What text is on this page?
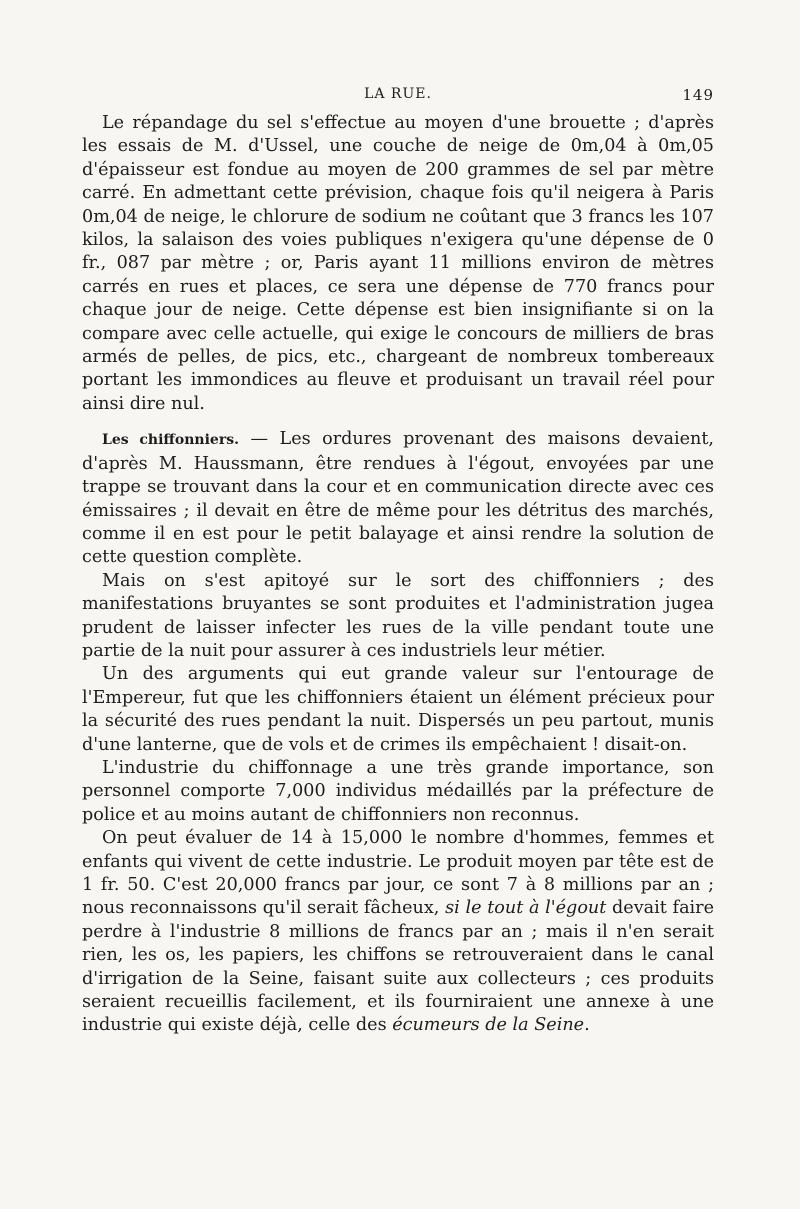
LA RUE.	149

Le répandage du sel s'effectue au moyen d'une brouette ; d'après les essais de M. d'Ussel, une couche de neige de 0m,04 à 0m,05 d'épaisseur est fondue au moyen de 200 grammes de sel par mètre carré. En admettant cette prévision, chaque fois qu'il neigera à Paris 0m,04 de neige, le chlorure de sodium ne coûtant que 3 francs les 107 kilos, la salaison des voies publiques n'exigera qu'une dépense de 0 fr., 087 par mètre ; or, Paris ayant 11 millions environ de mètres carrés en rues et places, ce sera une dépense de 770 francs pour chaque jour de neige. Cette dépense est bien insignifiante si on la compare avec celle actuelle, qui exige le concours de milliers de bras armés de pelles, de pics, etc., chargeant de nombreux tombereaux portant les immondices au fleuve et produisant un travail réel pour ainsi dire nul.

Les chiffonniers. — Les ordures provenant des maisons devaient, d'après M. Haussmann, être rendues à l'égout, envoyées par une trappe se trouvant dans la cour et en communication directe avec ces émissaires ; il devait en être de même pour les détritus des marchés, comme il en est pour le petit balayage et ainsi rendre la solution de cette question complète.

Mais on s'est apitoyé sur le sort des chiffonniers ; des manifestations bruyantes se sont produites et l'administration jugea prudent de laisser infecter les rues de la ville pendant toute une partie de la nuit pour assurer à ces industriels leur métier.

Un des arguments qui eut grande valeur sur l'entourage de l'Empereur, fut que les chiffonniers étaient un élément précieux pour la sécurité des rues pendant la nuit. Dispersés un peu partout, munis d'une lanterne, que de vols et de crimes ils empêchaient ! disait-on.

L'industrie du chiffonnage a une très grande importance, son personnel comporte 7,000 individus médaillés par la préfecture de police et au moins autant de chiffonniers non reconnus.

On peut évaluer de 14 à 15,000 le nombre d'hommes, femmes et enfants qui vivent de cette industrie. Le produit moyen par tête est de 1 fr. 50. C'est 20,000 francs par jour, ce sont 7 à 8 millions par an ; nous reconnaissons qu'il serait fâcheux, si le tout à l'égout devait faire perdre à l'industrie 8 millions de francs par an ; mais il n'en serait rien, les os, les papiers, les chiffons se retrouveraient dans le canal d'irrigation de la Seine, faisant suite aux collecteurs ; ces produits seraient recueillis facilement, et ils fourniraient une annexe à une industrie qui existe déjà, celle des écumeurs de la Seine.
